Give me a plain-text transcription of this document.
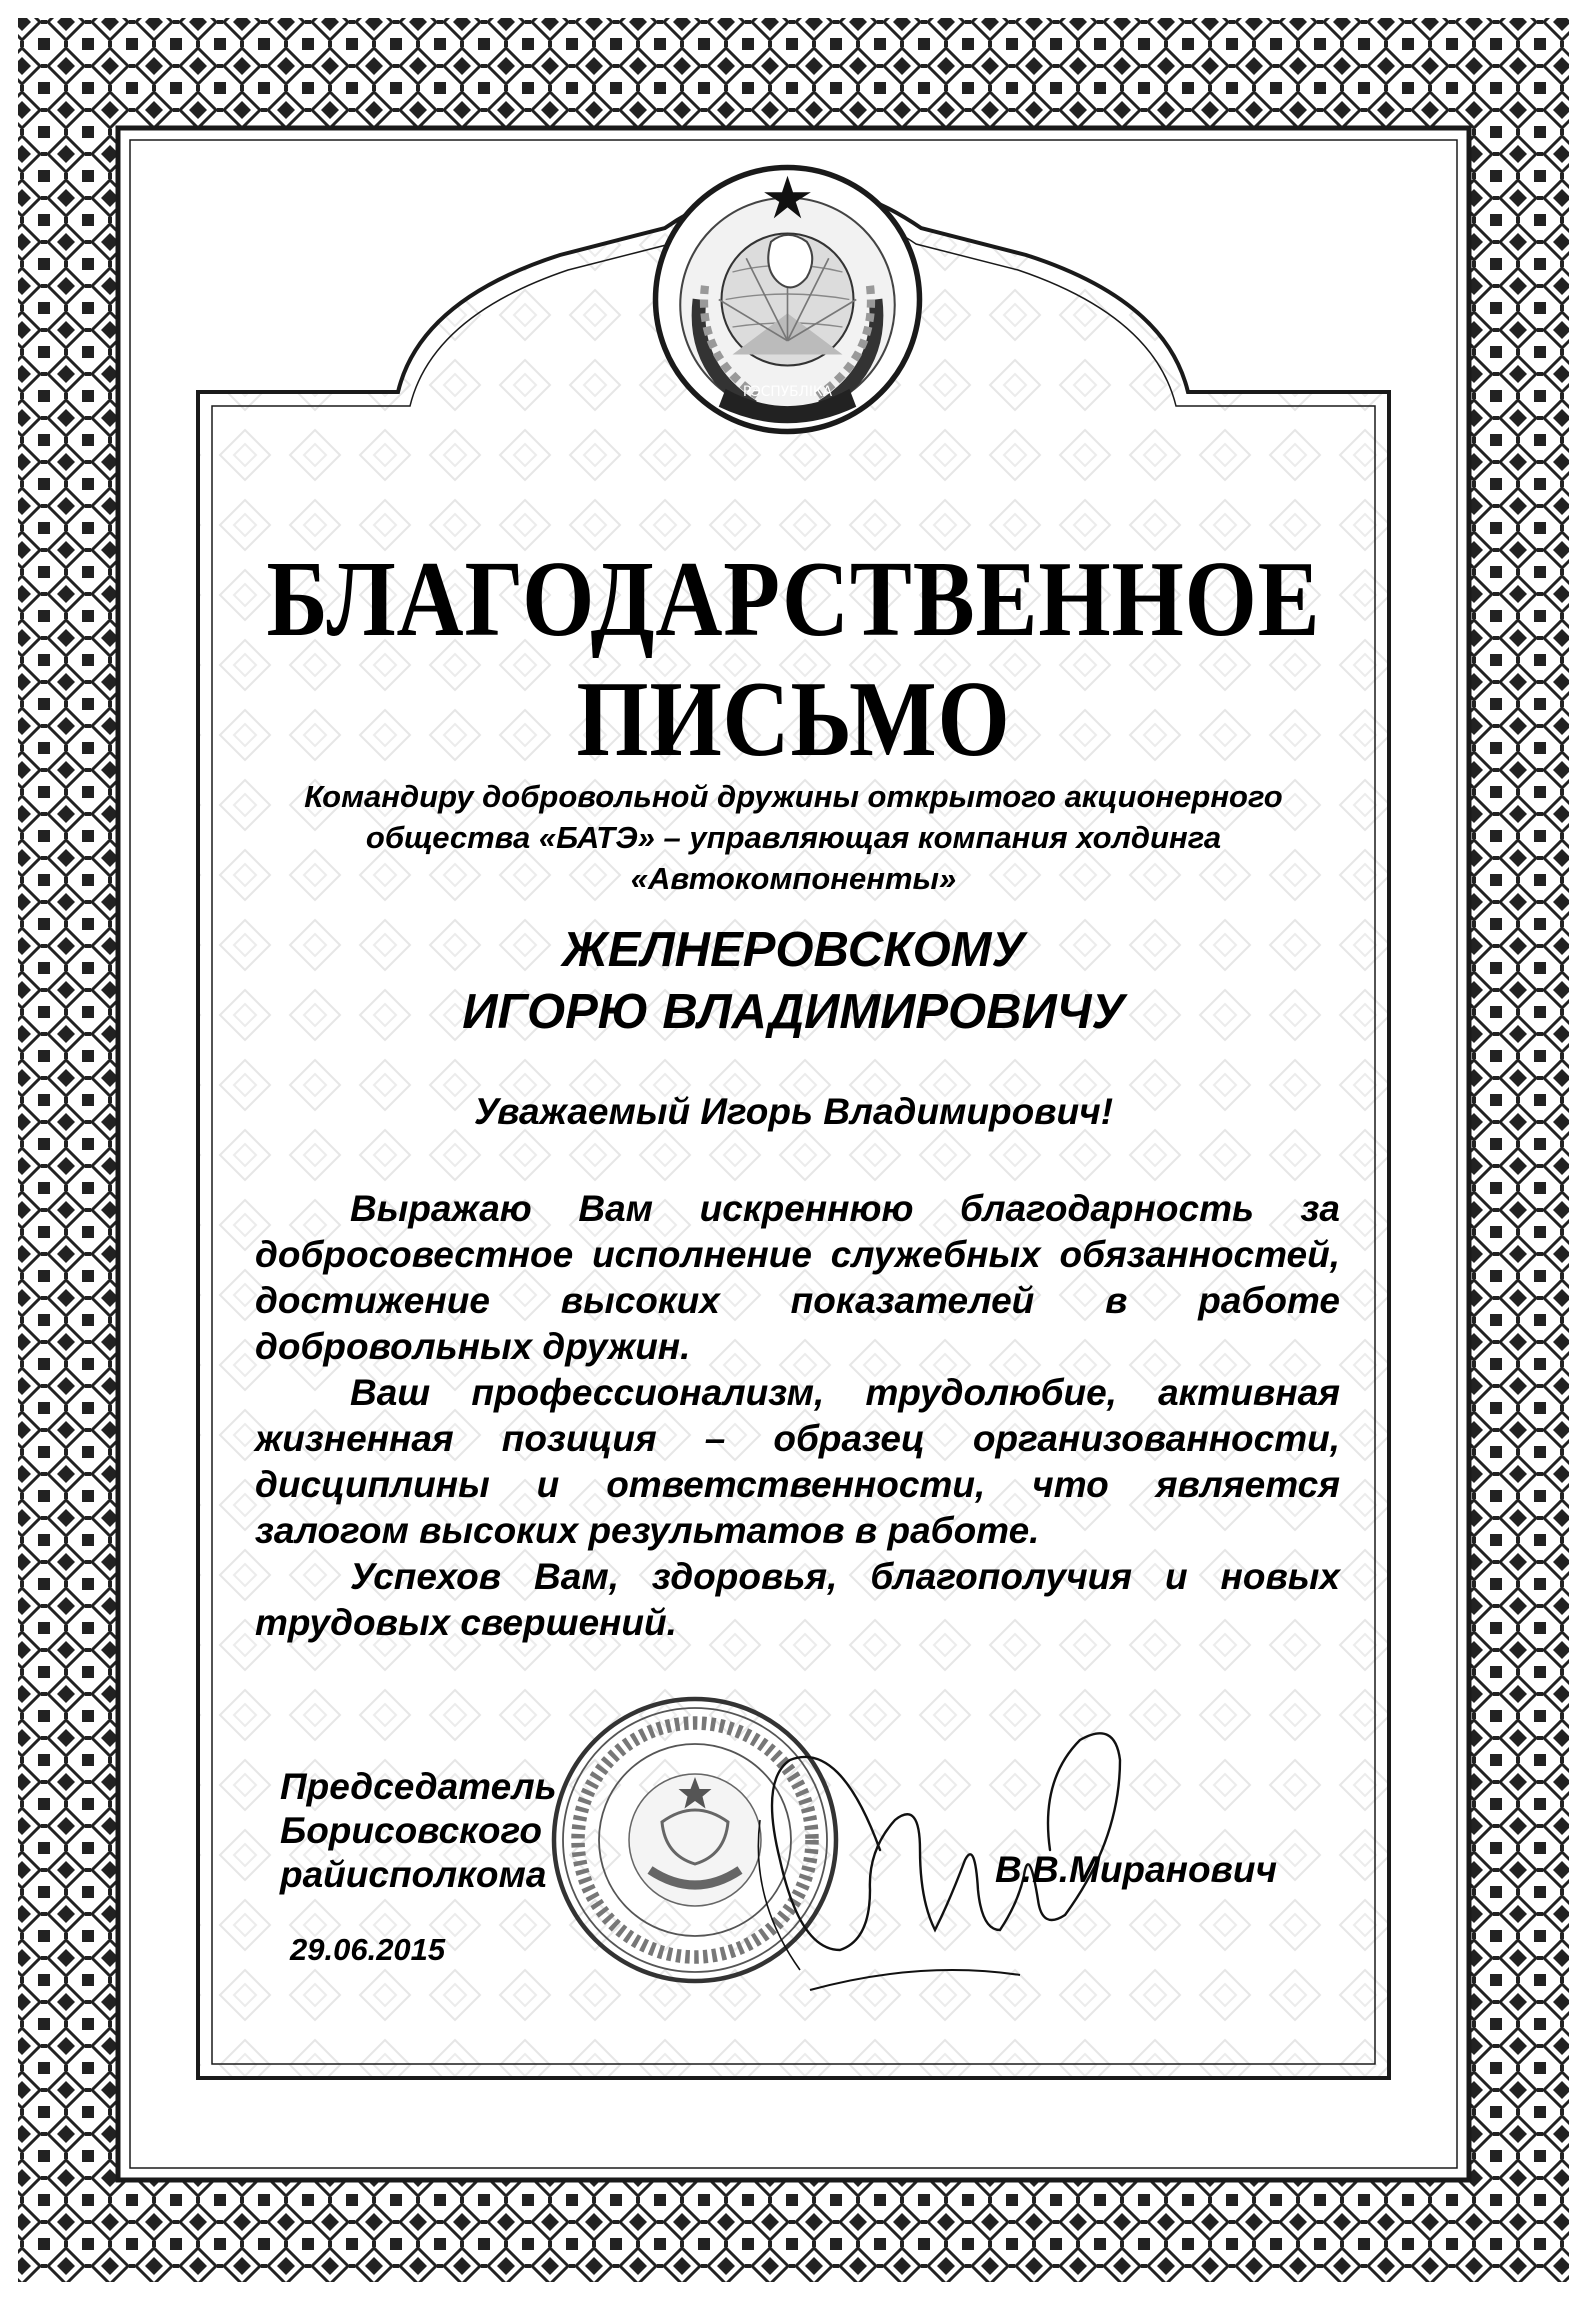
РЭСПУБЛІКА
БЛАГОДАРСТВЕННОЕ
ПИСЬМО
Командиру добровольной дружины открытого акционерного
общества «БАТЭ» – управляющая компания холдинга
«Автокомпоненты»
ЖЕЛНЕРОВСКОМУ
ИГОРЮ ВЛАДИМИРОВИЧУ
Уважаемый Игорь Владимирович!

Выражаю Вам искреннюю благодарность за добросовестное исполнение служебных обязанностей, достижение высоких показателей в работе добровольных дружин.

Ваш профессионализм, трудолюбие, активная жизненная позиция – образец организованности, дисциплины и ответственности, что является залогом высоких результатов в работе.

Успехов Вам, здоровья, благополучия и новых трудовых свершений.

Председатель
Борисовского
райисполкома	В.В.Миранович
29.06.2015
